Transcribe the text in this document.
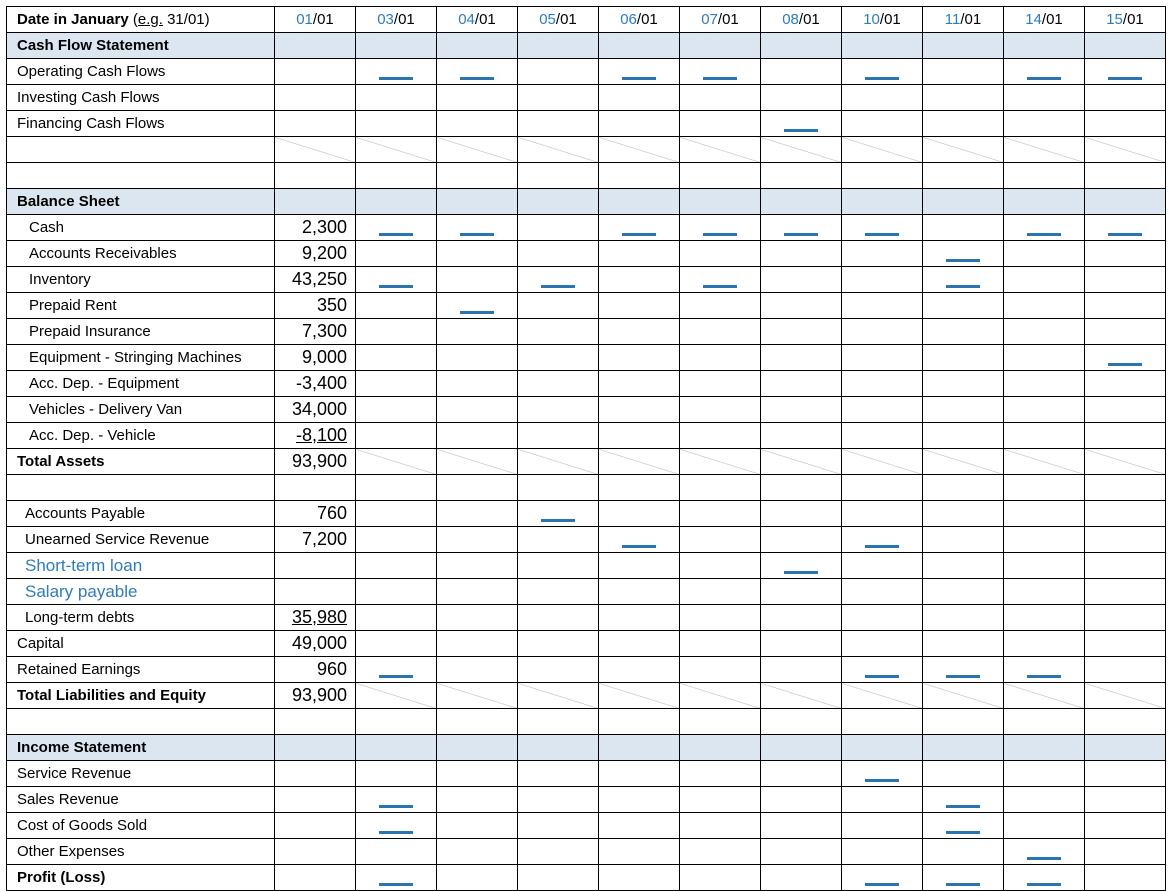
Date in January (e.g. 31/01)	01/01	03/01	04/01	05/01	06/01	07/01	08/01	10/01	11/01	14/01	15/01
Cash Flow Statement											
Operating Cash Flows		

Investing Cash Flows											
Financing Cash Flows							

Balance Sheet											
Cash	2,300	

Accounts Receivables	9,200								

Inventory	43,250	

Prepaid Rent	350		

Prepaid Insurance	7,300										
Equipment - Stringing Machines	9,000										

Acc. Dep. - Equipment	-3,400										
Vehicles - Delivery Van	34,000										
Acc. Dep. - Vehicle	-8,100										
Total Assets	93,900										

Accounts Payable	760			

Unearned Service Revenue	7,200				

Short-term loan							

Salary payable											
Long-term debts	35,980										
Capital	49,000										
Retained Earnings	960	

Total Liabilities and Equity	93,900										

Income Statement											
Service Revenue								

Sales Revenue		

Cost of Goods Sold		

Other Expenses										

Profit (Loss)		
